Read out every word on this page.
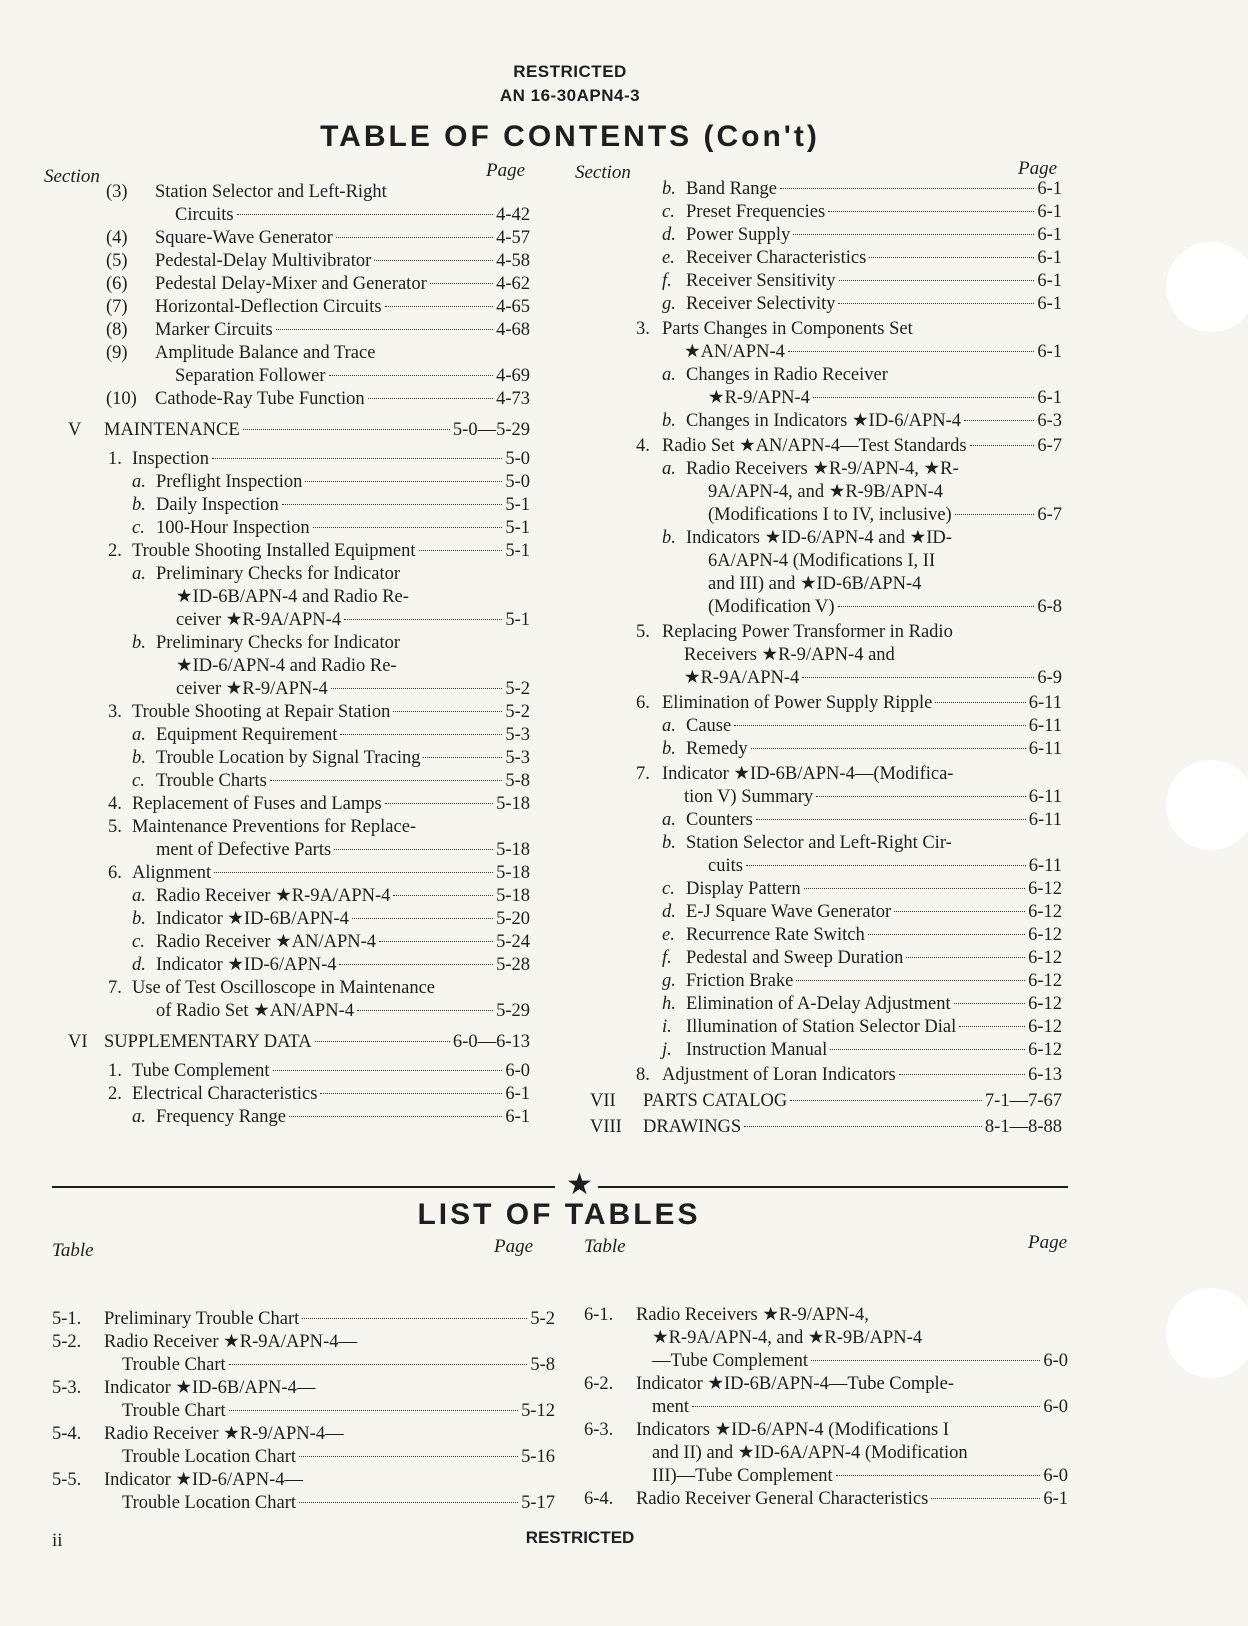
RESTRICTED
AN 16-30APN4-3
TABLE OF CONTENTS (Con't)
Section	Page	Section	Page
(3) Station Selector and Left-Right
Circuits	4-42
(4) Square-Wave Generator	4-57
(5) Pedestal-Delay Multivibrator	4-58
(6) Pedestal Delay-Mixer and Generator	4-62
(7) Horizontal-Deflection Circuits	4-65
(8) Marker Circuits	4-68
(9) Amplitude Balance and Trace
Separation Follower	4-69
(10) Cathode-Ray Tube Function	4-73
V MAINTENANCE	5-0—5-29
1. Inspection	5-0
a. Preflight Inspection	5-0
b. Daily Inspection	5-1
c. 100-Hour Inspection	5-1
2. Trouble Shooting Installed Equipment	5-1
a. Preliminary Checks for Indicator
★ID-6B/APN-4 and Radio Re-
ceiver ★R-9A/APN-4	5-1
b. Preliminary Checks for Indicator
★ID-6/APN-4 and Radio Re-
ceiver ★R-9/APN-4	5-2
3. Trouble Shooting at Repair Station	5-2
a. Equipment Requirement	5-3
b. Trouble Location by Signal Tracing	5-3
c. Trouble Charts	5-8
4. Replacement of Fuses and Lamps	5-18
5. Maintenance Preventions for Replace-
ment of Defective Parts	5-18
6. Alignment	5-18
a. Radio Receiver ★R-9A/APN-4	5-18
b. Indicator ★ID-6B/APN-4	5-20
c. Radio Receiver ★AN/APN-4	5-24
d. Indicator ★ID-6/APN-4	5-28
7. Use of Test Oscilloscope in Maintenance
of Radio Set ★AN/APN-4	5-29
VI SUPPLEMENTARY DATA	6-0—6-13
1. Tube Complement	6-0
2. Electrical Characteristics	6-1
a. Frequency Range	6-1
b. Band Range	6-1
c. Preset Frequencies	6-1
d. Power Supply	6-1
e. Receiver Characteristics	6-1
f. Receiver Sensitivity	6-1
g. Receiver Selectivity	6-1
3. Parts Changes in Components Set
★AN/APN-4	6-1
a. Changes in Radio Receiver
★R-9/APN-4	6-1
b. Changes in Indicators ★ID-6/APN-4	6-3
4. Radio Set ★AN/APN-4—Test Standards	6-7
a. Radio Receivers ★R-9/APN-4, ★R-
9A/APN-4, and ★R-9B/APN-4
(Modifications I to IV, inclusive)	6-7
b. Indicators ★ID-6/APN-4 and ★ID-
6A/APN-4 (Modifications I, II
and III) and ★ID-6B/APN-4
(Modification V)	6-8
5. Replacing Power Transformer in Radio
Receivers ★R-9/APN-4 and
★R-9A/APN-4	6-9
6. Elimination of Power Supply Ripple	6-11
a. Cause	6-11
b. Remedy	6-11
7. Indicator ★ID-6B/APN-4—(Modifica-
tion V) Summary	6-11
a. Counters	6-11
b. Station Selector and Left-Right Cir-
cuits	6-11
c. Display Pattern	6-12
d. E-J Square Wave Generator	6-12
e. Recurrence Rate Switch	6-12
f. Pedestal and Sweep Duration	6-12
g. Friction Brake	6-12
h. Elimination of A-Delay Adjustment	6-12
i. Illumination of Station Selector Dial	6-12
j. Instruction Manual	6-12
8. Adjustment of Loran Indicators	6-13
VII PARTS CATALOG	7-1—7-67
VIII DRAWINGS	8-1—8-88
★
LIST OF TABLES
Table	Page	Table	Page
5-1. Preliminary Trouble Chart	5-2
5-2. Radio Receiver ★R-9A/APN-4—
Trouble Chart	5-8
5-3. Indicator ★ID-6B/APN-4—
Trouble Chart	5-12
5-4. Radio Receiver ★R-9/APN-4—
Trouble Location Chart	5-16
5-5. Indicator ★ID-6/APN-4—
Trouble Location Chart	5-17
6-1. Radio Receivers ★R-9/APN-4,
★R-9A/APN-4, and ★R-9B/APN-4
—Tube Complement	6-0
6-2. Indicator ★ID-6B/APN-4—Tube Comple-
ment	6-0
6-3. Indicators ★ID-6/APN-4 (Modifications I
and II) and ★ID-6A/APN-4 (Modification
III)—Tube Complement	6-0
6-4. Radio Receiver General Characteristics	6-1
ii	RESTRICTED
